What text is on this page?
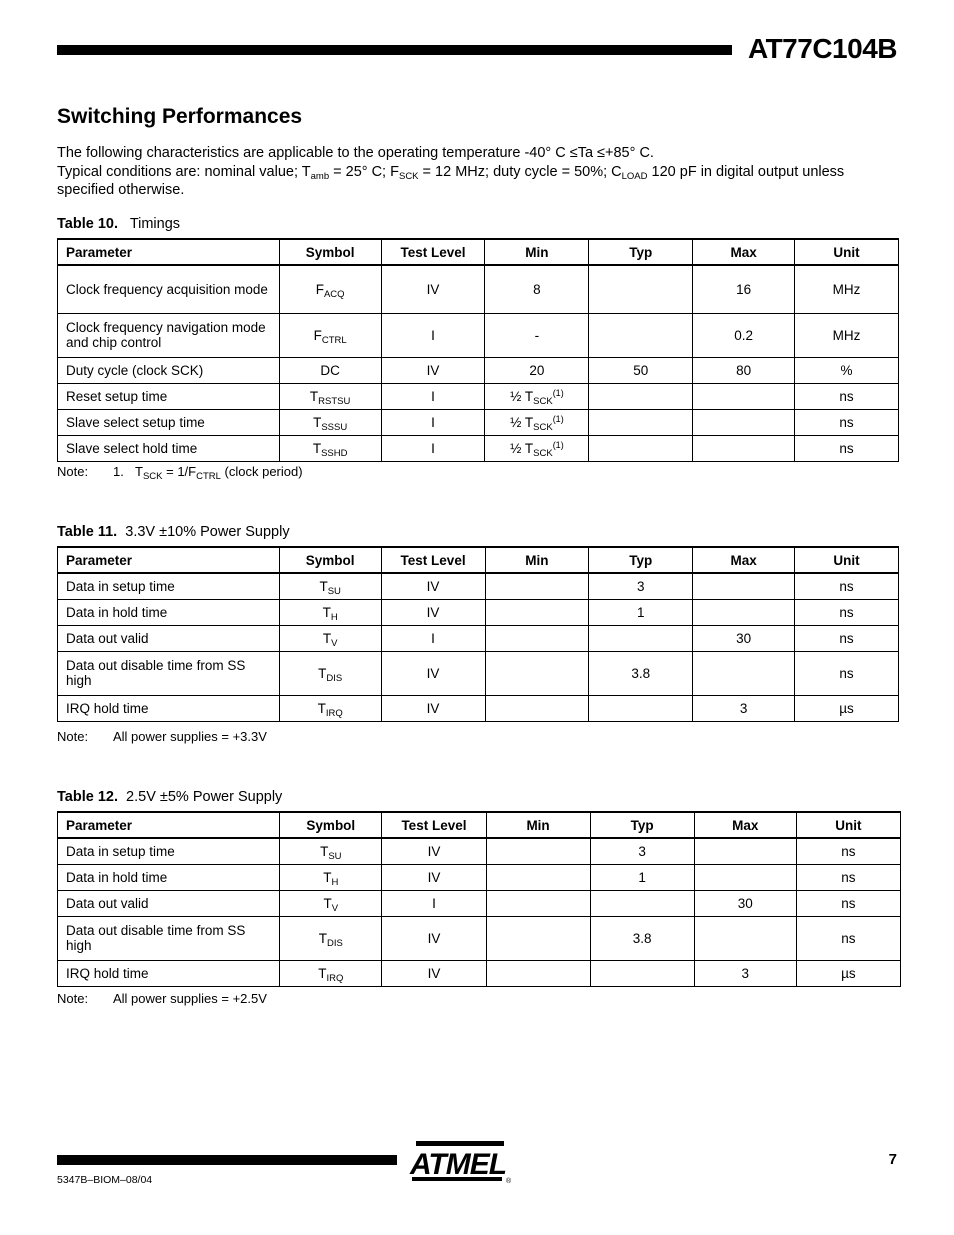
AT77C104B
Switching Performances

The following characteristics are applicable to the operating temperature -40° C ≤Ta ≤+85° C.

Typical conditions are: nominal value; $T_{amb} = 25^\circ$ C; $F_{SCK} = 12$ MHz; duty cycle = 50%; $C_{LOAD}$ 120 pF in digital output unless specified otherwise.

Table 10. Timings
Parameter	Symbol	Test Level	Min	Typ	Max	Unit
Clock frequency acquisition mode	$F_{ACQ}$	IV	8		16	MHz
Clock frequency navigation mode and chip control	$F_{CTRL}$	I	-		0.2	MHz
Duty cycle (clock SCK)	DC	IV	20	50	80	%
Reset setup time	$T_{RSTSU}$	I	½ $T_{SCK}^{(1)}$			ns
Slave select setup time	$T_{SSSU}$	I	½ $T_{SCK}^{(1)}$			ns
Slave select hold time	$T_{SSHD}$	I	½ $T_{SCK}^{(1)}$			ns
Note: 1. $T_{SCK} = 1/F_{CTRL}$ (clock period)
Table 11. 3.3V ±10% Power Supply
Parameter	Symbol	Test Level	Min	Typ	Max	Unit
Data in setup time	$T_{SU}$	IV		3		ns
Data in hold time	$T_H$	IV		1		ns
Data out valid	$T_V$	I			30	ns
Data out disable time from SS high	$T_{DIS}$	IV		3.8		ns
IRQ hold time	$T_{IRQ}$	IV			3	µs
Note: All power supplies = +3.3V
Table 12. 2.5V ±5% Power Supply
Parameter	Symbol	Test Level	Min	Typ	Max	Unit
Data in setup time	$T_{SU}$	IV		3		ns
Data in hold time	$T_H$	IV		1		ns
Data out valid	$T_V$	I			30	ns
Data out disable time from SS high	$T_{DIS}$	IV		3.8		ns
IRQ hold time	$T_{IRQ}$	IV			3	µs
Note: All power supplies = +2.5V
5347B–BIOM–08/04
7
ATMEL
®
